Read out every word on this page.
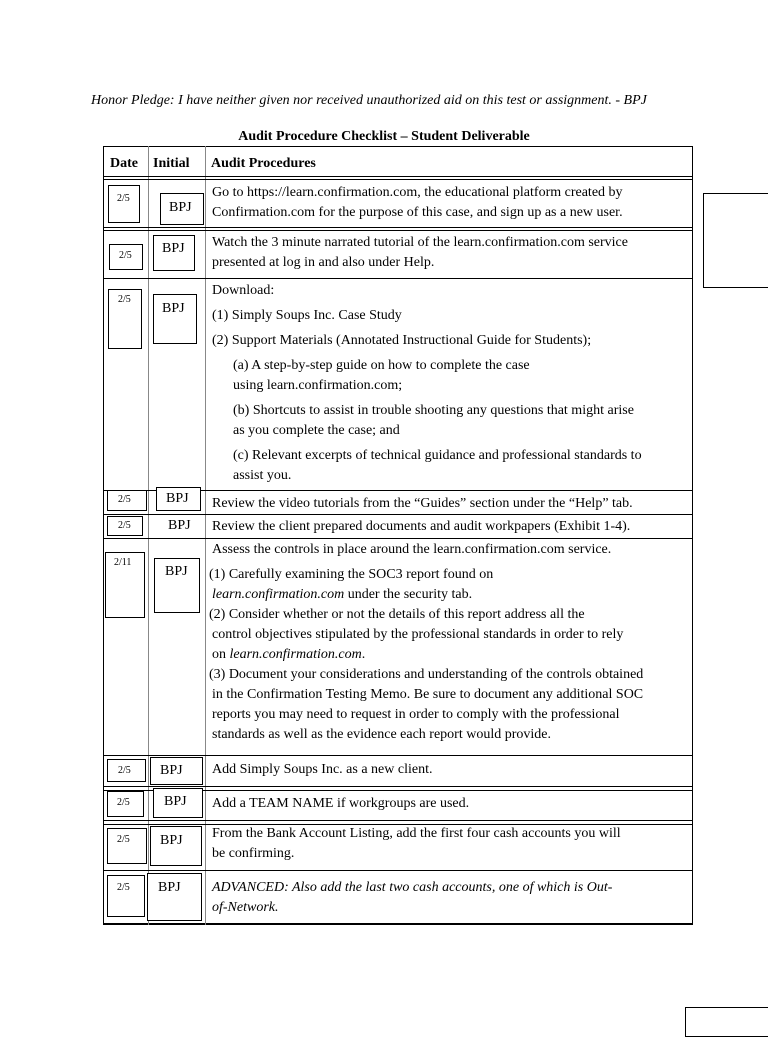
Honor Pledge: I have neither given nor received unauthorized aid on this test or assignment. - BPJ
Audit Procedure Checklist – Student Deliverable
Date Initial Audit Procedures
2/5
BPJ

Go to https://learn.confirmation.com, the educational platform created by

Confirmation.com for the purpose of this case, and sign up as a new user.

2/5 BPJ Watch the 3 minute narrated tutorial of the learn.confirmation.com service

presented at log in and also under Help.

2/5
BPJ

Download:

(1) Simply Soups Inc. Case Study

(2) Support Materials (Annotated Instructional Guide for Students);

(a) A step-by-step guide on how to complete the case

using learn.confirmation.com;

(b) Shortcuts to assist in trouble shooting any questions that might arise

as you complete the case; and

(c) Relevant excerpts of technical guidance and professional standards to

assist you.

2/5	BPJ Review the video tutorials from the “Guides” section under the “Help” tab.

2/5	BPJ Review the client prepared documents and audit workpapers (Exhibit 1-4).

2/11
BPJ

Assess the controls in place around the learn.confirmation.com service.

(1) Carefully examining the SOC3 report found on

learn.confirmation.com under the security tab.

(2) Consider whether or not the details of this report address all the

control objectives stipulated by the professional standards in order to rely

on learn.confirmation.com.

(3) Document your considerations and understanding of the controls obtained

in the Confirmation Testing Memo. Be sure to document any additional SOC

reports you may need to request in order to comply with the professional

standards as well as the evidence each report would provide.

2/5 BPJ Add Simply Soups Inc. as a new client.

2/5 BPJ Add a TEAM NAME if workgroups are used.

2/5 BPJ From the Bank Account Listing, add the first four cash accounts you will

be confirming.

2/5 BPJ ADVANCED: Also add the last two cash accounts, one of which is Out-

of-Network.
